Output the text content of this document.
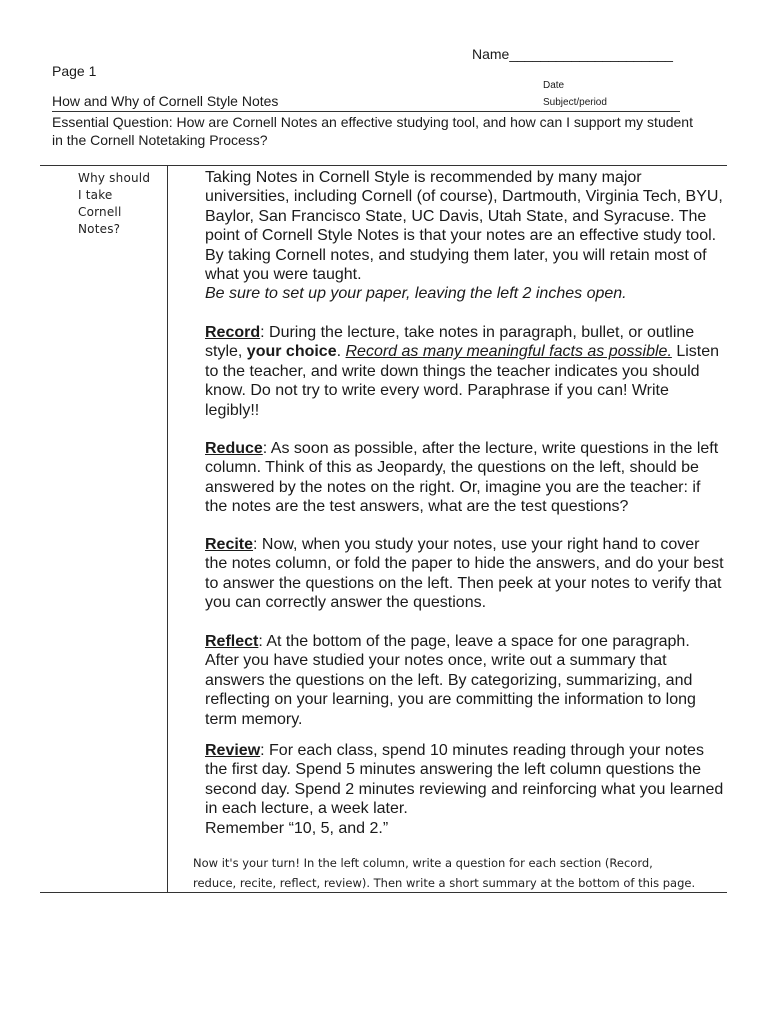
Name_____________________
Page 1
Date
How and Why of Cornell Style Notes	Subject/period
Essential Question: How are Cornell Notes an effective studying tool, and how can I support my student in the Cornell Notetaking Process?
Why should
I take
Cornell
Notes?
Taking Notes in Cornell Style is recommended by many major universities, including Cornell (of course), Dartmouth, Virginia Tech, BYU, Baylor, San Francisco State, UC Davis, Utah State, and Syracuse. The point of Cornell Style Notes is that your notes are an effective study tool. By taking Cornell notes, and studying them later, you will retain most of what you were taught.
Be sure to set up your paper, leaving the left 2 inches open.
Record: During the lecture, take notes in paragraph, bullet, or outline style, your choice. Record as many meaningful facts as possible. Listen to the teacher, and write down things the teacher indicates you should know. Do not try to write every word. Paraphrase if you can! Write legibly!!
Reduce: As soon as possible, after the lecture, write questions in the left column. Think of this as Jeopardy, the questions on the left, should be answered by the notes on the right. Or, imagine you are the teacher: if the notes are the test answers, what are the test questions?
Recite: Now, when you study your notes, use your right hand to cover the notes column, or fold the paper to hide the answers, and do your best to answer the questions on the left. Then peek at your notes to verify that you can correctly answer the questions.
Reflect: At the bottom of the page, leave a space for one paragraph. After you have studied your notes once, write out a summary that answers the questions on the left. By categorizing, summarizing, and reflecting on your learning, you are committing the information to long term memory.
Review: For each class, spend 10 minutes reading through your notes the first day. Spend 5 minutes answering the left column questions the second day. Spend 2 minutes reviewing and reinforcing what you learned in each lecture, a week later.
Remember “10, 5, and 2.”
Now it's your turn! In the left column, write a question for each section (Record,
reduce, recite, reflect, review). Then write a short summary at the bottom of this page.
